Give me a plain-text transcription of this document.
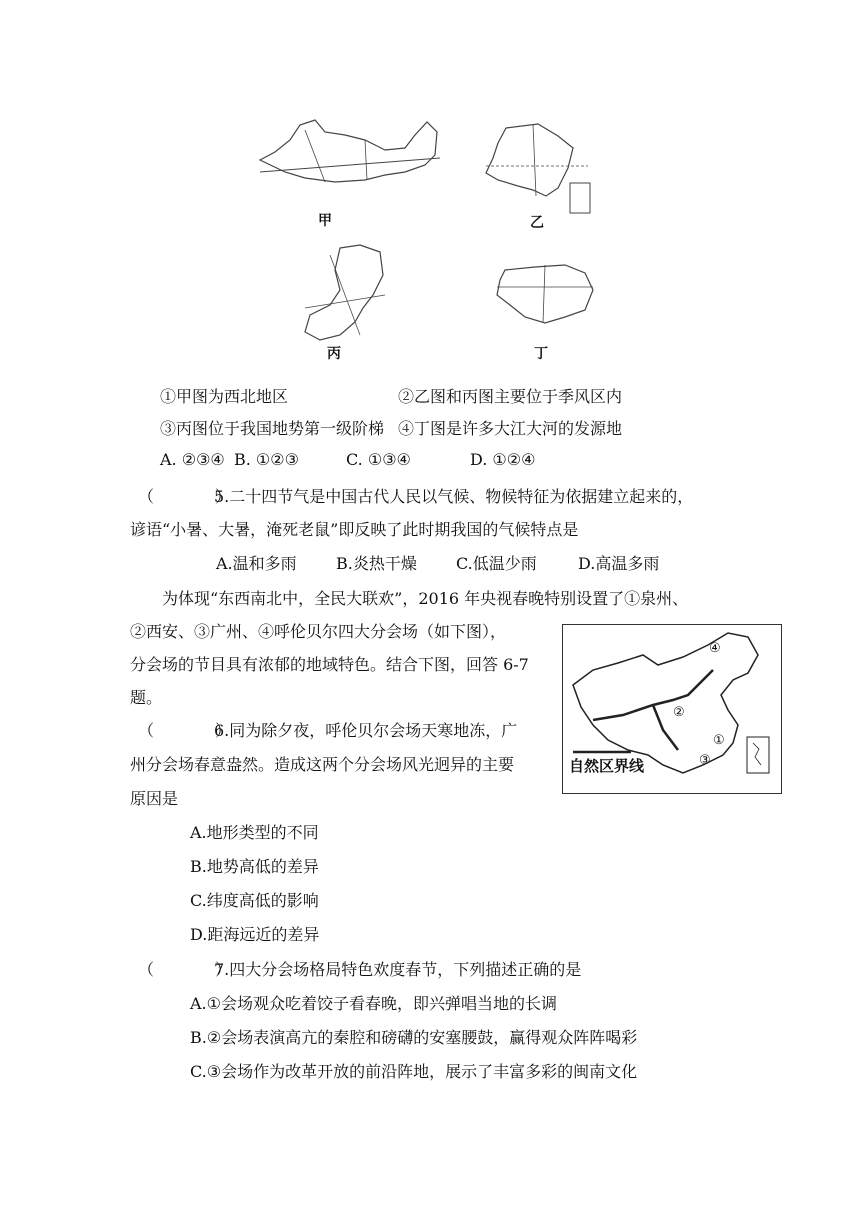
甲	乙
丙	丁
①甲图为西北地区	②乙图和丙图主要位于季风区内
③丙图位于我国地势第一级阶梯 ④丁图是许多大江大河的发源地
A. ②③④ B. ①②③	C. ①③④	D. ①②④
（ ）
5.二十四节气是中国古代人民以气候、物候特征为依据建立起来的，
谚语“小暑、大暑，淹死老鼠”即反映了此时期我国的气候特点是
A.温和多雨 B.炎热干燥 C.低温少雨	D.高温多雨
为体现“东西南北中，全民大联欢”，2016 年央视春晚特别设置了①泉州、
②西安、③广州、④呼伦贝尔四大分会场（如下图），
分会场的节目具有浓郁的地域特色。结合下图，回答 6-7
题。
④
②
①
③
自然区界线
（ ）
6.同为除夕夜，呼伦贝尔会场天寒地冻，广
州分会场春意盎然。造成这两个分会场风光迥异的主要
原因是
A.地形类型的不同
B.地势高低的差异
C.纬度高低的影响
D.距海远近的差异
（ ）
7.四大分会场格局特色欢度春节，下列描述正确的是
A.①会场观众吃着饺子看春晚，即兴弹唱当地的长调
B.②会场表演高亢的秦腔和磅礴的安塞腰鼓，赢得观众阵阵喝彩
C.③会场作为改革开放的前沿阵地，展示了丰富多彩的闽南文化
